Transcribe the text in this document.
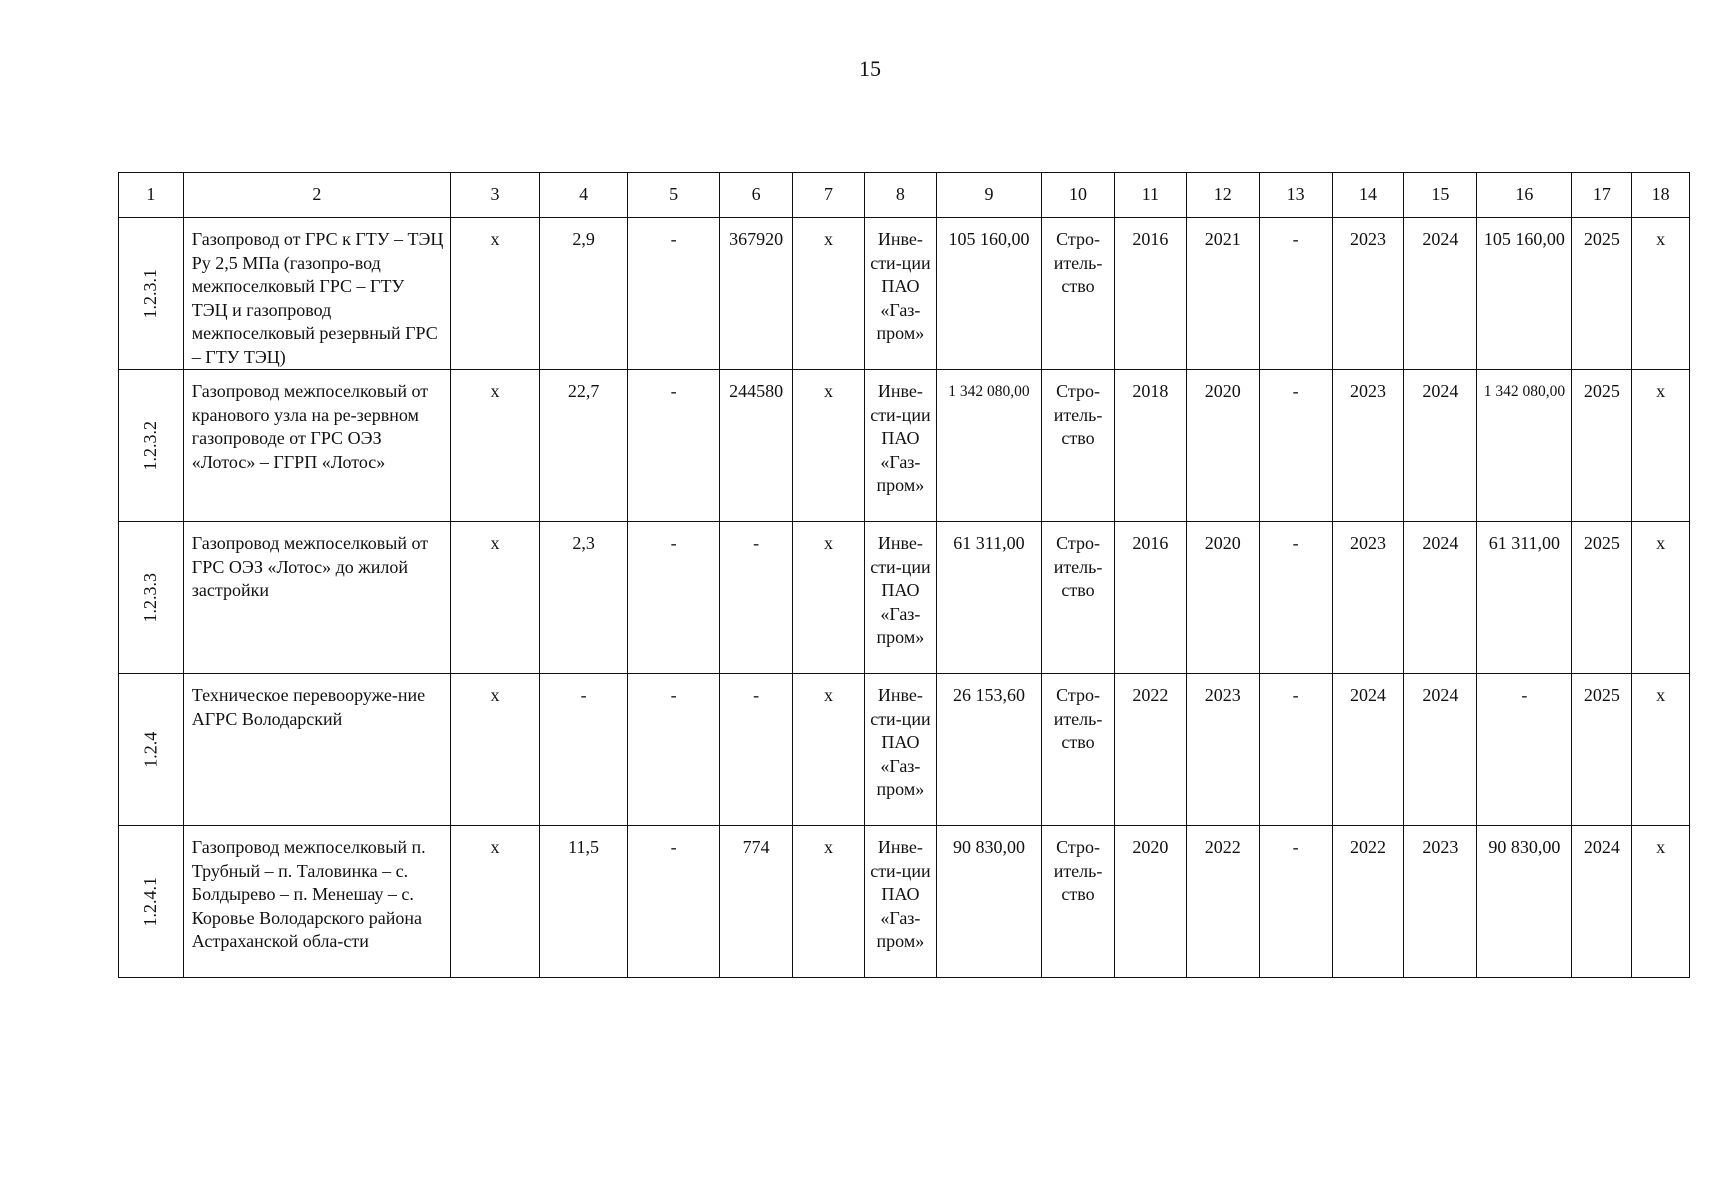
15
1	2	3	4	5	6	7	8	9	10	11	12	13	14	15	16	17	18
1.2.3.1	Газопровод от ГРС к ГТУ – ТЭЦ Ру 2,5 МПа (газопро-вод межпоселковый ГРС – ГТУ ТЭЦ и газопровод межпоселковый резервный ГРС – ГТУ ТЭЦ)	х	2,9	-	367920	х	Инве-сти-ции ПАО «Газ-пром»	105 160,00	Стро-итель-ство	2016	2021	-	2023	2024	105 160,00	2025	х
1.2.3.2	Газопровод межпоселковый от кранового узла на ре-зервном газопроводе от ГРС ОЭЗ «Лотос» – ГГРП «Лотос»	х	22,7	-	244580	х	Инве-сти-ции ПАО «Газ-пром»	1 342 080,00	Стро-итель-ство	2018	2020	-	2023	2024	1 342 080,00	2025	х
1.2.3.3	Газопровод межпоселковый от ГРС ОЭЗ «Лотос» до жилой застройки	х	2,3	-	-	х	Инве-сти-ции ПАО «Газ-пром»	61 311,00	Стро-итель-ство	2016	2020	-	2023	2024	61 311,00	2025	х
1.2.4	Техническое перевооруже-ние АГРС Володарский	х	-	-	-	х	Инве-сти-ции ПАО «Газ-пром»	26 153,60	Стро-итель-ство	2022	2023	-	2024	2024	-	2025	х
1.2.4.1	Газопровод межпоселковый п. Трубный – п. Таловинка – с. Болдырево – п. Менешау – с. Коровье Володарского района Астраханской обла-сти	х	11,5	-	774	х	Инве-сти-ции ПАО «Газ-пром»	90 830,00	Стро-итель-ство	2020	2022	-	2022	2023	90 830,00	2024	х
